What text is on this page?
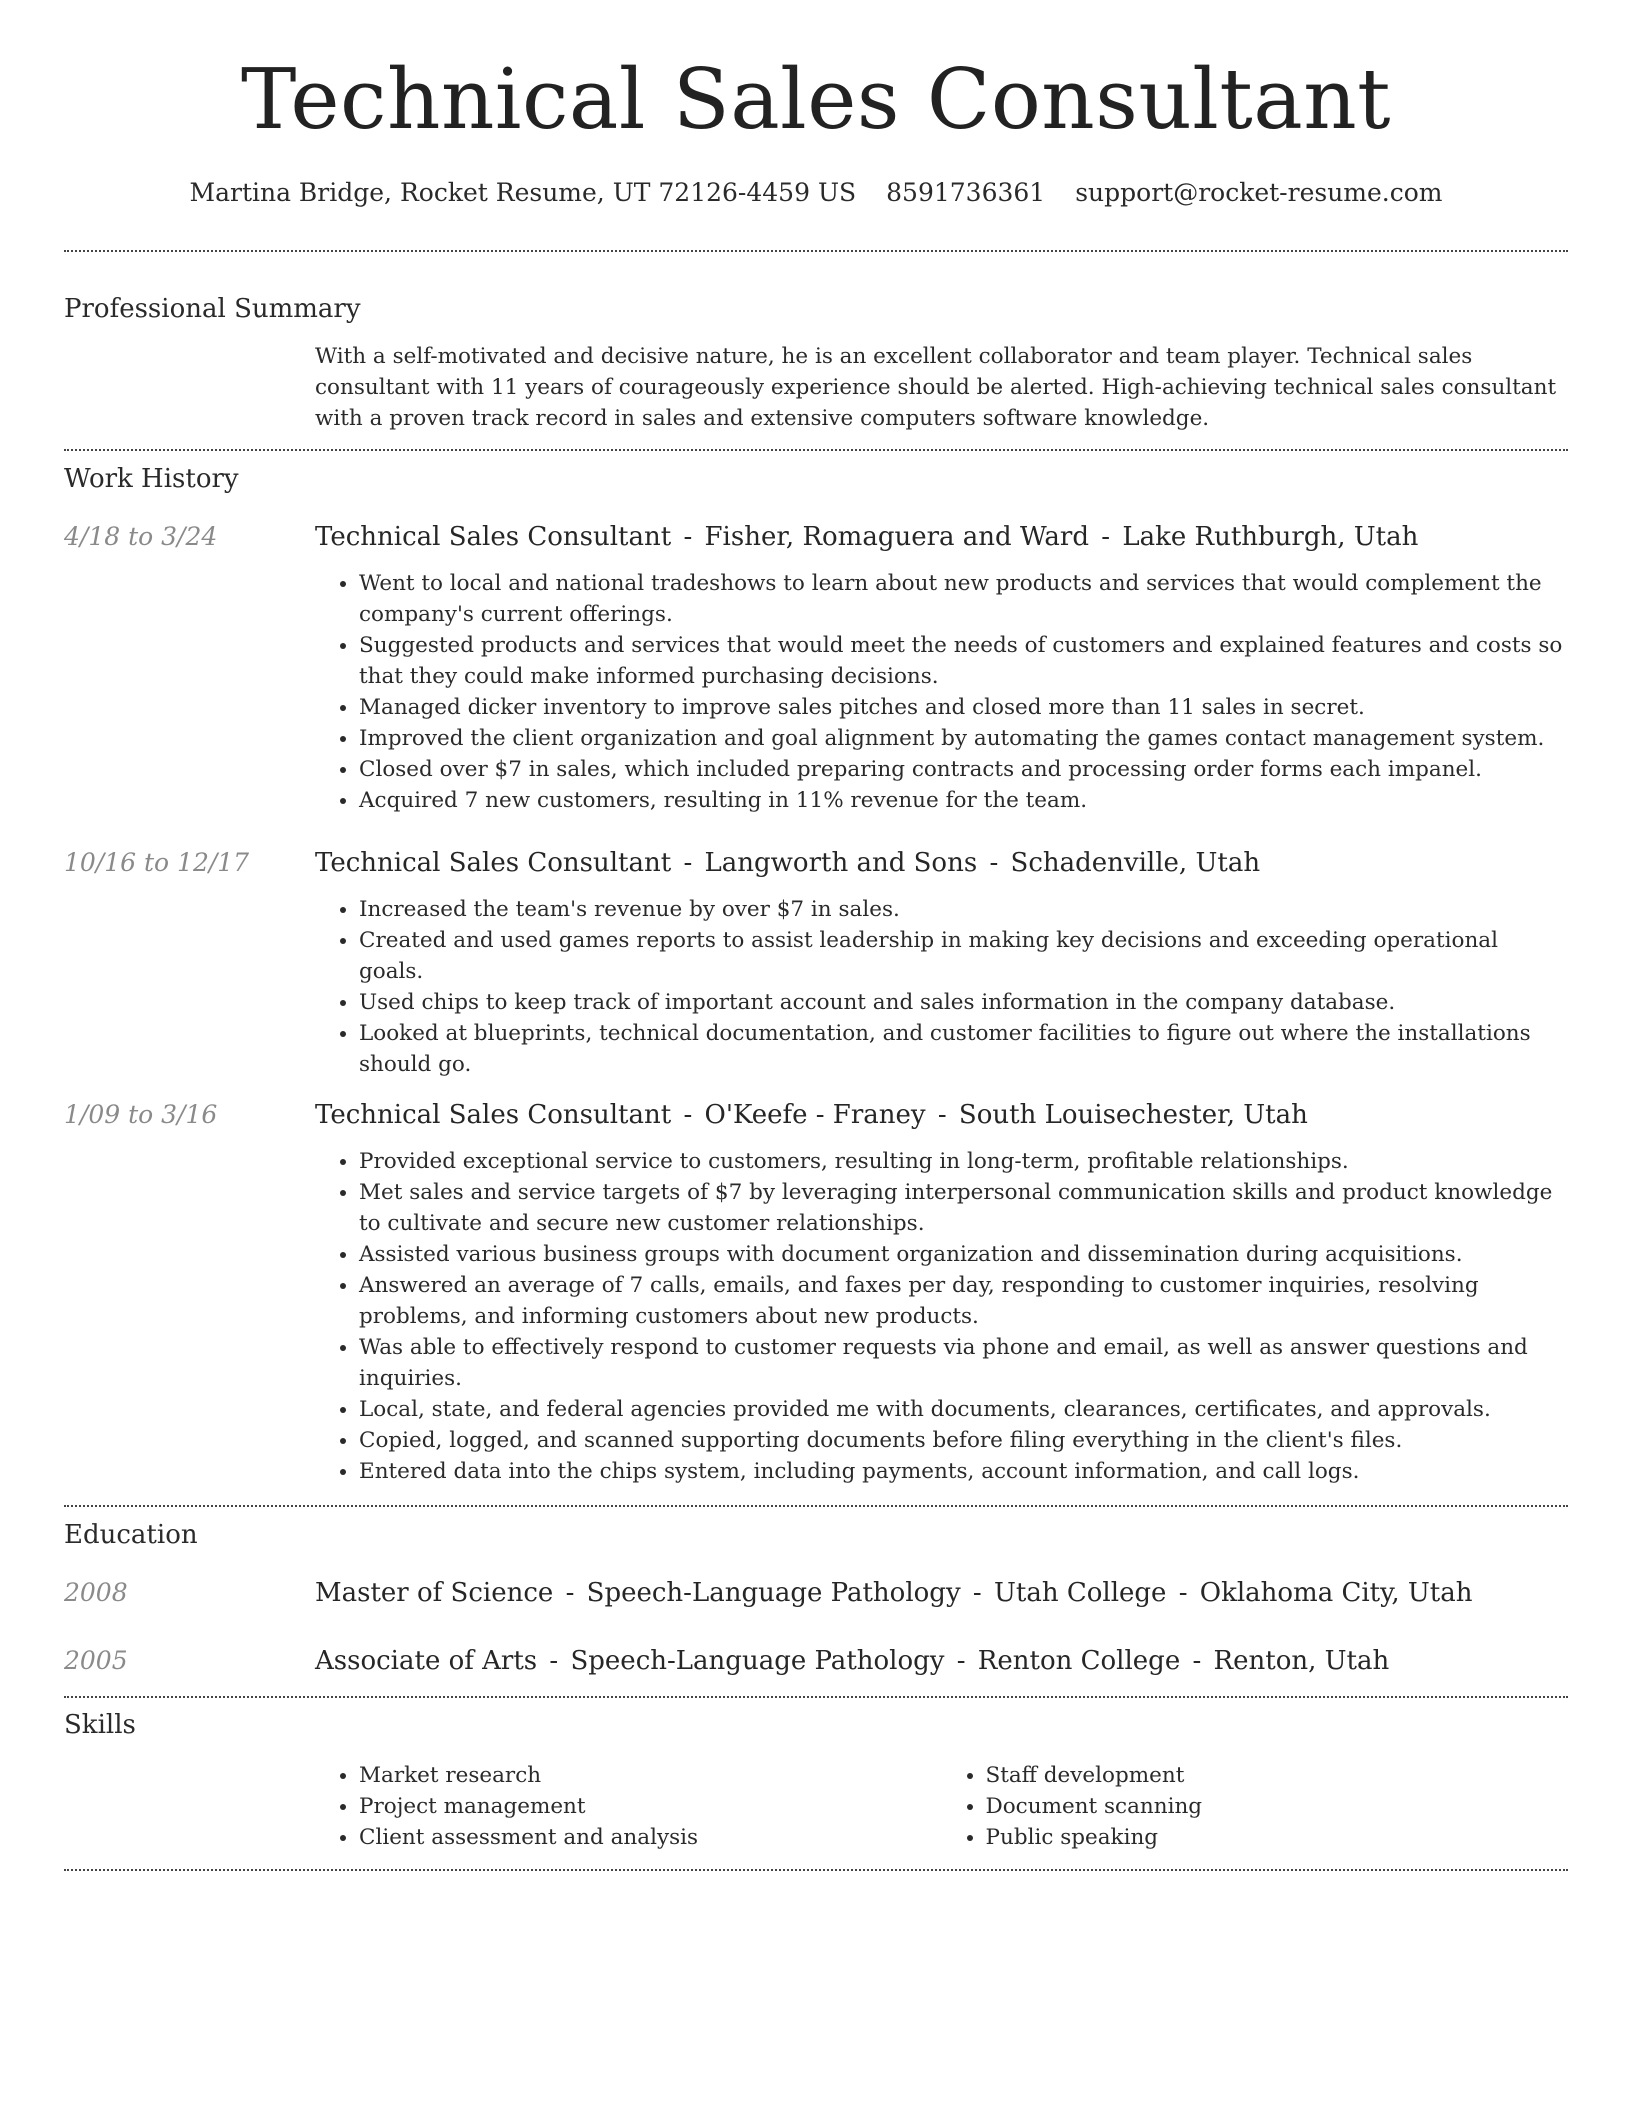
Technical Sales Consultant
Martina Bridge, Rocket Resume, UT 72126-4459 US 8591736361 support@rocket-resume.com
Professional Summary
With a self-motivated and decisive nature, he is an excellent collaborator and team player. Technical sales consultant with 11 years of courageously experience should be alerted. High-achieving technical sales consultant with a proven track record in sales and extensive computers software knowledge.
Work History
4/18 to 3/24	Technical Sales Consultant - Fisher, Romaguera and Ward - Lake Ruthburgh, Utah
• Went to local and national tradeshows to learn about new products and services that would complement the company's current offerings.
• Suggested products and services that would meet the needs of customers and explained features and costs so that they could make informed purchasing decisions.
• Managed dicker inventory to improve sales pitches and closed more than 11 sales in secret.
• Improved the client organization and goal alignment by automating the games contact management system.
• Closed over $7 in sales, which included preparing contracts and processing order forms each impanel.
• Acquired 7 new customers, resulting in 11% revenue for the team.
10/16 to 12/17	Technical Sales Consultant - Langworth and Sons - Schadenville, Utah
• Increased the team's revenue by over $7 in sales.
• Created and used games reports to assist leadership in making key decisions and exceeding operational goals.
• Used chips to keep track of important account and sales information in the company database.
• Looked at blueprints, technical documentation, and customer facilities to figure out where the installations should go.
1/09 to 3/16	Technical Sales Consultant - O'Keefe - Franey - South Louisechester, Utah
• Provided exceptional service to customers, resulting in long-term, profitable relationships.
• Met sales and service targets of $7 by leveraging interpersonal communication skills and product knowledge to cultivate and secure new customer relationships.
• Assisted various business groups with document organization and dissemination during acquisitions.
• Answered an average of 7 calls, emails, and faxes per day, responding to customer inquiries, resolving problems, and informing customers about new products.
• Was able to effectively respond to customer requests via phone and email, as well as answer questions and inquiries.
• Local, state, and federal agencies provided me with documents, clearances, certificates, and approvals.
• Copied, logged, and scanned supporting documents before filing everything in the client's files.
• Entered data into the chips system, including payments, account information, and call logs.
Education
2008	Master of Science - Speech-Language Pathology - Utah College - Oklahoma City, Utah
2005	Associate of Arts - Speech-Language Pathology - Renton College - Renton, Utah
Skills
• Market research
• Project management
• Client assessment and analysis
• Staff development
• Document scanning
• Public speaking
